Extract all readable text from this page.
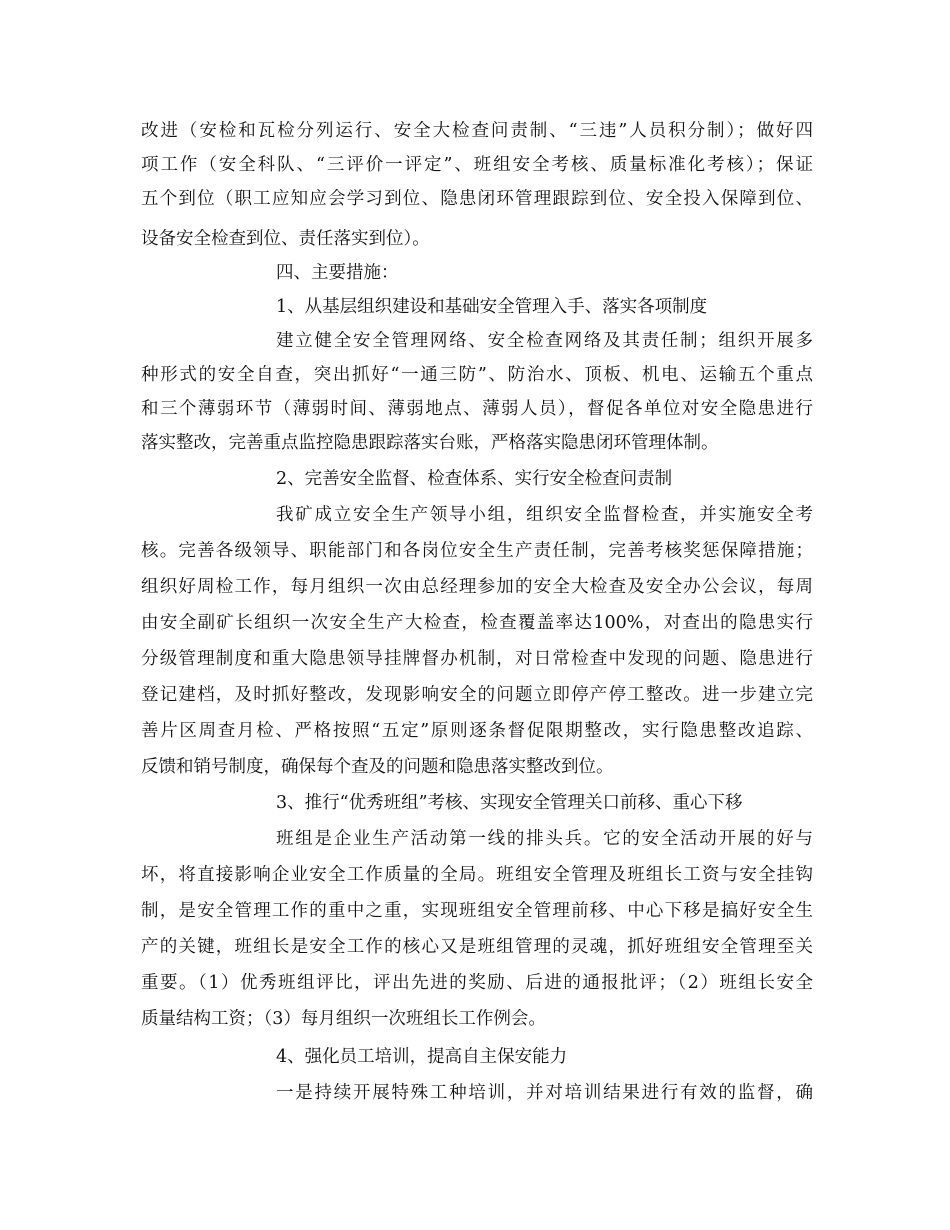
改进（安检和瓦检分列运行、安全大检查问责制、“三违”人员积分制）；做好四
项工作（安全科队、“三评价一评定”、班组安全考核、质量标准化考核）；保证
五个到位（职工应知应会学习到位、隐患闭环管理跟踪到位、安全投入保障到位、
设备安全检查到位、责任落实到位）。
四、主要措施：
1、从基层组织建设和基础安全管理入手、落实各项制度
建立健全安全管理网络、安全检查网络及其责任制；组织开展多
种形式的安全自查，突出抓好“一通三防”、防治水、顶板、机电、运输五个重点
和三个薄弱环节（薄弱时间、薄弱地点、薄弱人员），督促各单位对安全隐患进行
落实整改，完善重点监控隐患跟踪落实台账，严格落实隐患闭环管理体制。
2、完善安全监督、检查体系、实行安全检查问责制
我矿成立安全生产领导小组，组织安全监督检查，并实施安全考
核。完善各级领导、职能部门和各岗位安全生产责任制，完善考核奖惩保障措施；
组织好周检工作，每月组织一次由总经理参加的安全大检查及安全办公会议，每周
由安全副矿长组织一次安全生产大检查，检查覆盖率达100%，对查出的隐患实行
分级管理制度和重大隐患领导挂牌督办机制，对日常检查中发现的问题、隐患进行
登记建档，及时抓好整改，发现影响安全的问题立即停产停工整改。进一步建立完
善片区周查月检、严格按照“五定”原则逐条督促限期整改，实行隐患整改追踪、
反馈和销号制度，确保每个查及的问题和隐患落实整改到位。
3、推行“优秀班组”考核、实现安全管理关口前移、重心下移
班组是企业生产活动第一线的排头兵。它的安全活动开展的好与
坏，将直接影响企业安全工作质量的全局。班组安全管理及班组长工资与安全挂钩
制，是安全管理工作的重中之重，实现班组安全管理前移、中心下移是搞好安全生
产的关键，班组长是安全工作的核心又是班组管理的灵魂，抓好班组安全管理至关
重要。（1）优秀班组评比，评出先进的奖励、后进的通报批评；（2）班组长安全
质量结构工资；（3）每月组织一次班组长工作例会。
4、强化员工培训，提高自主保安能力
一是持续开展特殊工种培训，并对培训结果进行有效的监督，确
